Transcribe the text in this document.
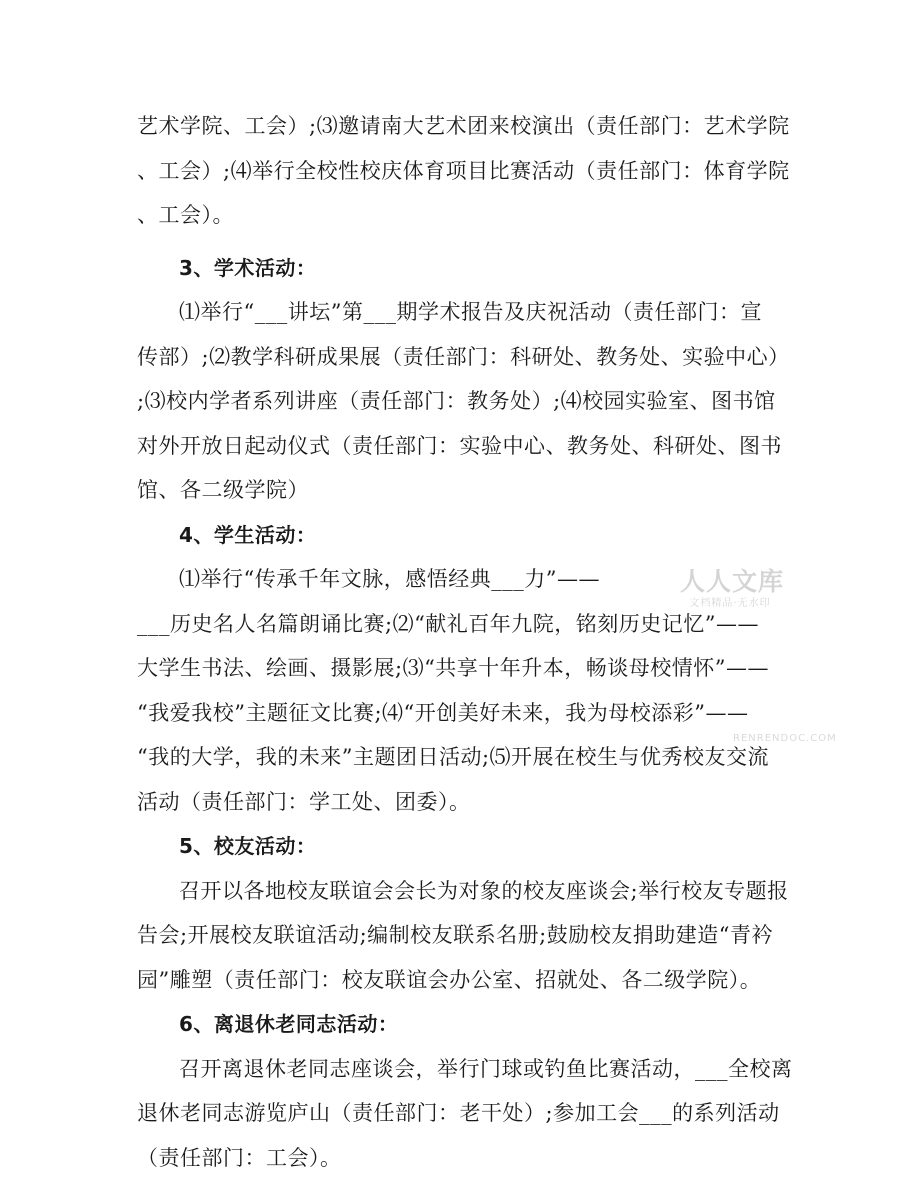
艺术学院、工会）;⑶邀请南大艺术团来校演出（责任部门：艺术学院
、工会）;⑷举行全校性校庆体育项目比赛活动（责任部门：体育学院
、工会）。
3、学术活动：
⑴举行“___讲坛”第___期学术报告及庆祝活动（责任部门：宣
传部）;⑵教学科研成果展（责任部门：科研处、教务处、实验中心）
;⑶校内学者系列讲座（责任部门：教务处）;⑷校园实验室、图书馆
对外开放日起动仪式（责任部门：实验中心、教务处、科研处、图书
馆、各二级学院）
4、学生活动：
⑴举行“传承千年文脉，感悟经典___力”——
___历史名人名篇朗诵比赛;⑵“献礼百年九院，铭刻历史记忆”——
大学生书法、绘画、摄影展;⑶“共享十年升本，畅谈母校情怀”——
“我爱我校”主题征文比赛;⑷“开创美好未来，我为母校添彩”——
“我的大学，我的未来”主题团日活动;⑸开展在校生与优秀校友交流
活动（责任部门：学工处、团委）。
5、校友活动：
召开以各地校友联谊会会长为对象的校友座谈会;举行校友专题报
告会;开展校友联谊活动;编制校友联系名册;鼓励校友捐助建造“青衿
园”雕塑（责任部门：校友联谊会办公室、招就处、各二级学院）。
6、离退休老同志活动：
召开离退休老同志座谈会，举行门球或钓鱼比赛活动，___全校离
退休老同志游览庐山（责任部门：老干处）;参加工会___的系列活动
（责任部门：工会）。
人人文库
文档精品·无水印
RENRENDOC.COM
